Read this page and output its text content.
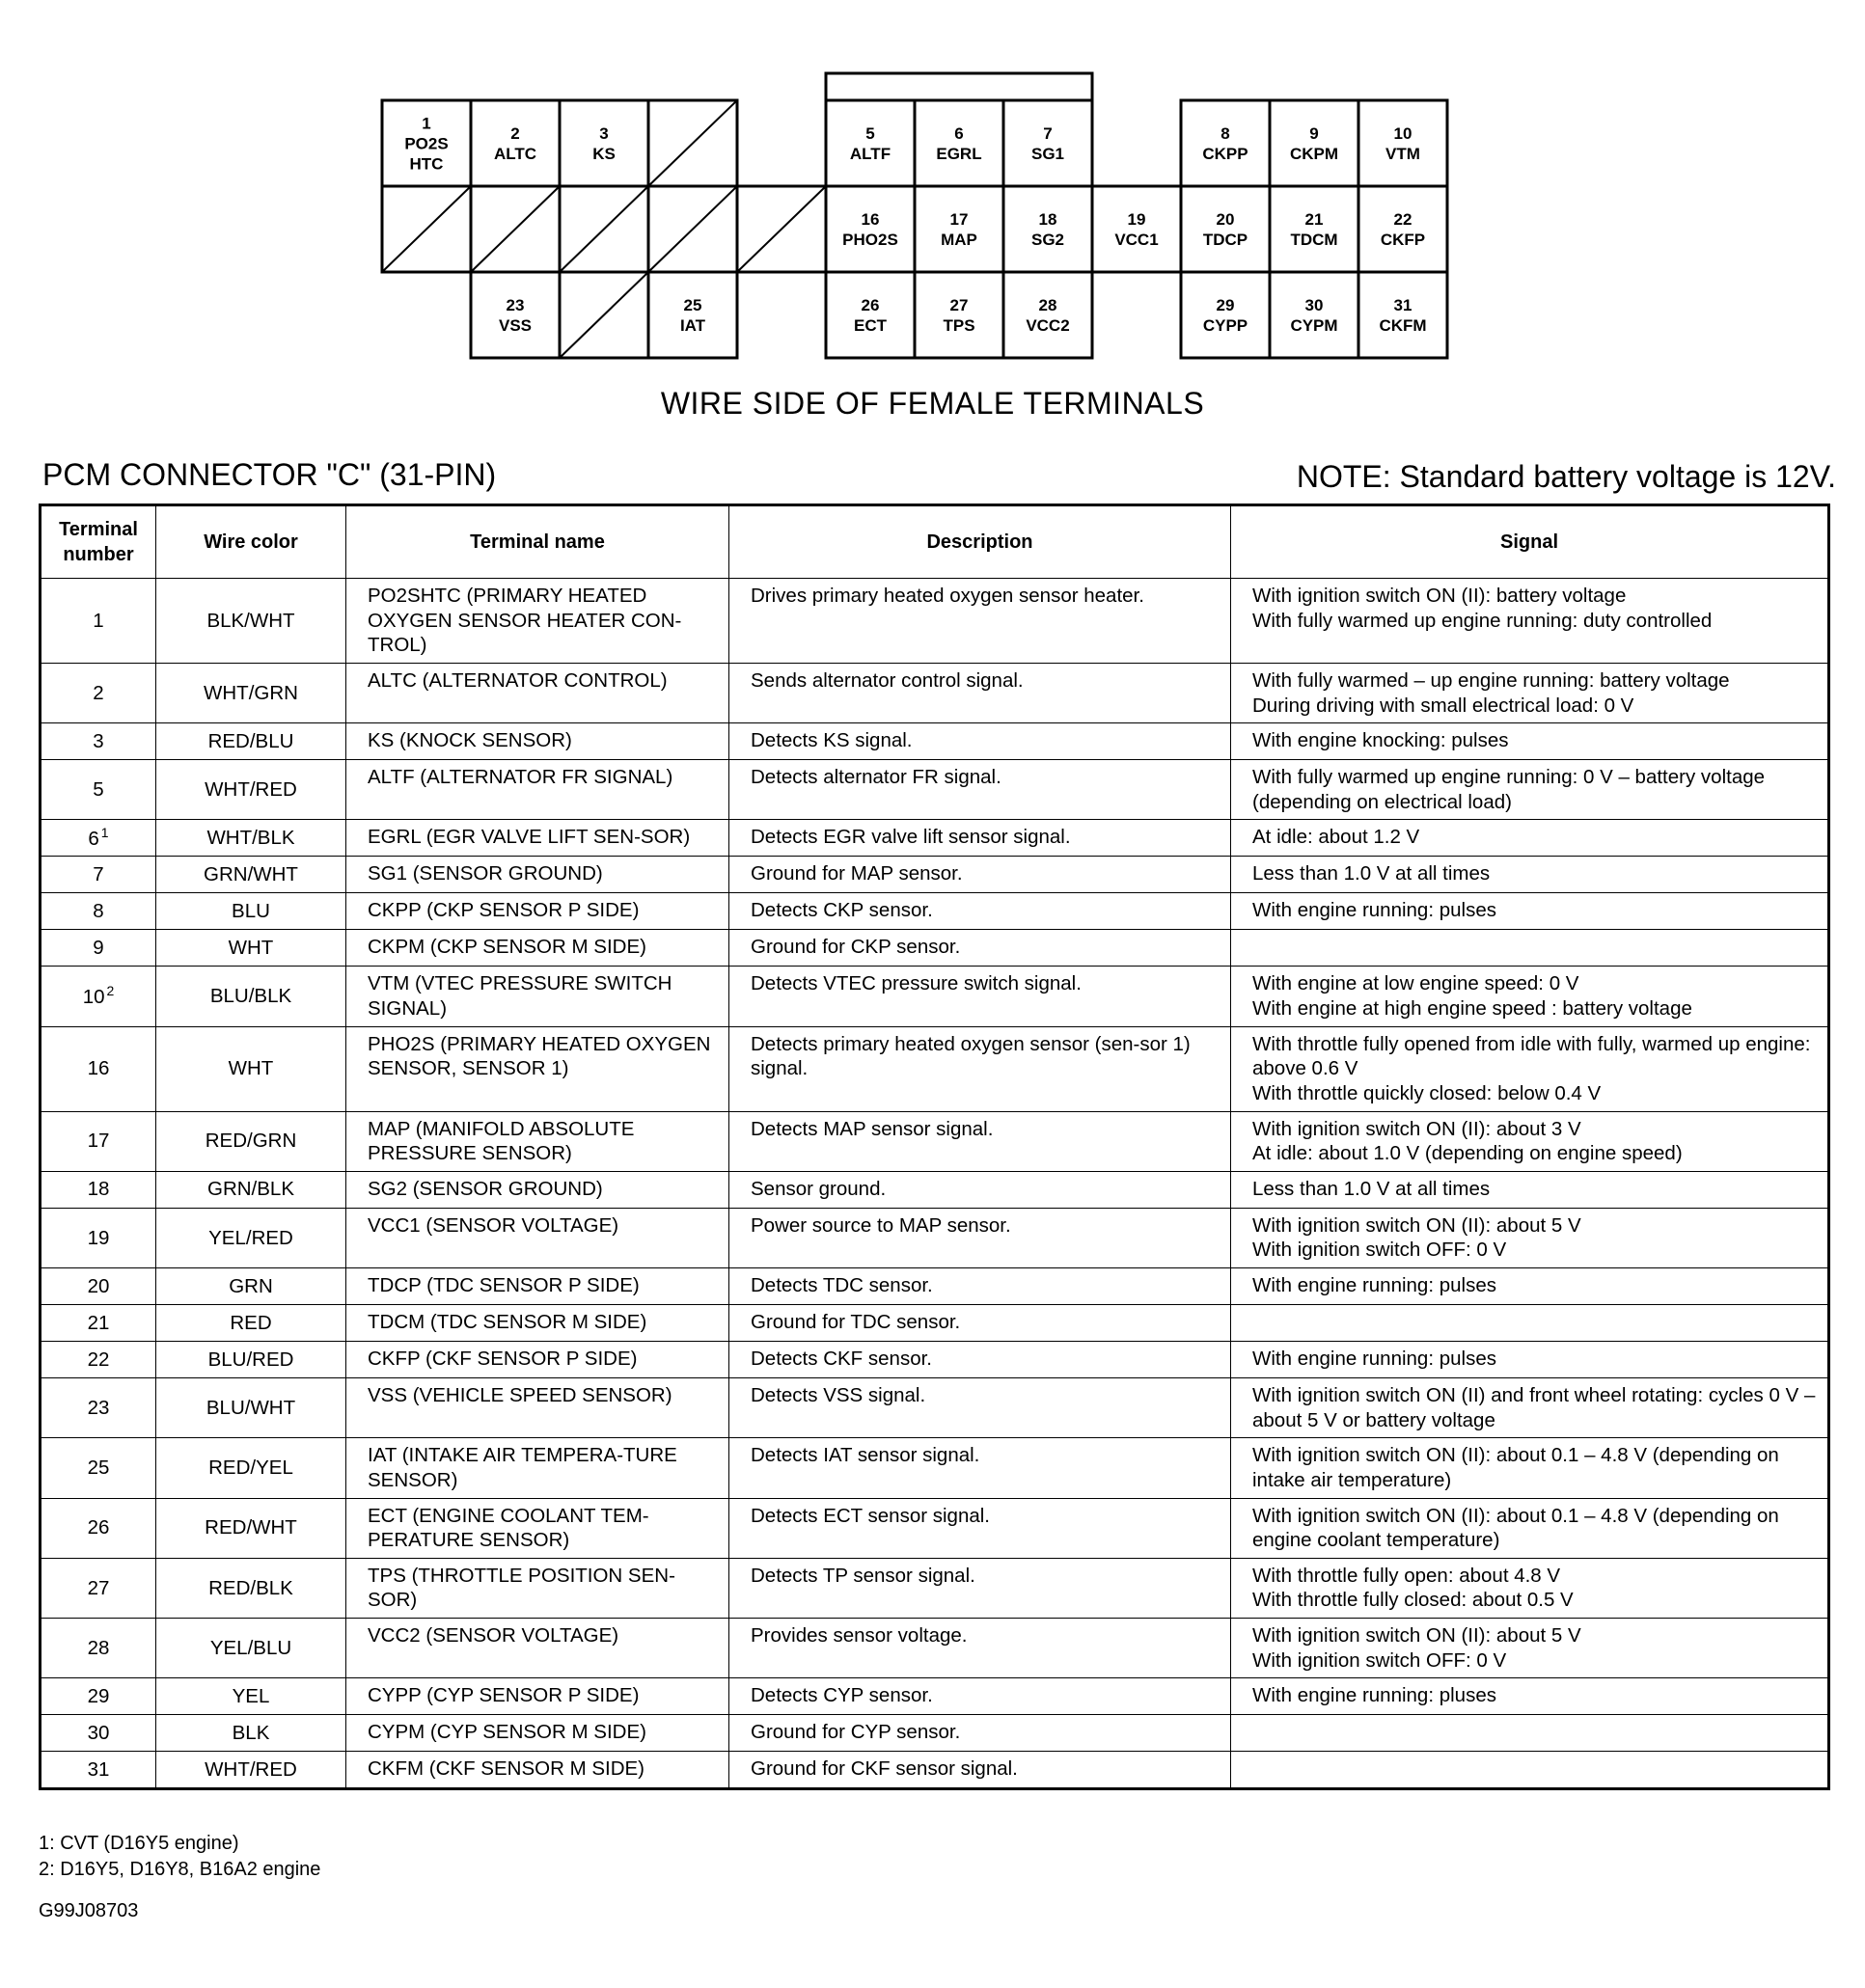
1
PO2S
HTC
2
ALTC
3
KS
5
ALTF
6
EGRL
7
SG1
8
CKPP
9
CKPM
10
VTM
16
PHO2S
17
MAP
18
SG2
19
VCC1
20
TDCP
21
TDCM
22
CKFP
23
VSS
25
IAT
26
ECT
27
TPS
28
VCC2
29
CYPP
30
CYPM
31
CKFM
WIRE SIDE OF FEMALE TERMINALS
PCM CONNECTOR "C" (31-PIN)	NOTE: Standard battery voltage is 12V.
Terminal number	Wire color	Terminal name	Description	Signal
1	BLK/WHT	PO2SHTC (PRIMARY HEATED OXYGEN SENSOR HEATER CON-TROL)	Drives primary heated oxygen sensor heater.	With ignition switch ON (II): battery voltage
With fully warmed up engine running: duty controlled

2	WHT/GRN	ALTC (ALTERNATOR CONTROL)	Sends alternator control signal.	With fully warmed – up engine running: battery voltage
During driving with small electrical load: 0 V

3	RED/BLU	KS (KNOCK SENSOR)	Detects KS signal.	With engine knocking: pulses

5	WHT/RED	ALTF (ALTERNATOR FR SIGNAL)	Detects alternator FR signal.	With fully warmed up engine running: 0 V – battery voltage (depending on electrical load)

6 $^1$	WHT/BLK	EGRL (EGR VALVE LIFT SEN-SOR)	Detects EGR valve lift sensor signal.	At idle: about 1.2 V

7	GRN/WHT	SG1 (SENSOR GROUND)	Ground for MAP sensor.	Less than 1.0 V at all times

8	BLU	CKPP (CKP SENSOR P SIDE)	Detects CKP sensor.	With engine running: pulses

9	WHT	CKPM (CKP SENSOR M SIDE)	Ground for CKP sensor.	
10 $^2$	BLU/BLK	VTM (VTEC PRESSURE SWITCH SIGNAL)	Detects VTEC pressure switch signal.	With engine at low engine speed: 0 V
With engine at high engine speed : battery voltage

16	WHT	PHO2S (PRIMARY HEATED OXYGEN SENSOR, SENSOR 1)	Detects primary heated oxygen sensor (sen-sor 1) signal.	With throttle fully opened from idle with fully, warmed up engine: above 0.6 V
With throttle quickly closed: below 0.4 V

17	RED/GRN	MAP (MANIFOLD ABSOLUTE PRESSURE SENSOR)	Detects MAP sensor signal.	With ignition switch ON (II): about 3 V
At idle: about 1.0 V (depending on engine speed)

18	GRN/BLK	SG2 (SENSOR GROUND)	Sensor ground.	Less than 1.0 V at all times

19	YEL/RED	VCC1 (SENSOR VOLTAGE)	Power source to MAP sensor.	With ignition switch ON (II): about 5 V
With ignition switch OFF: 0 V

20	GRN	TDCP (TDC SENSOR P SIDE)	Detects TDC sensor.	With engine running: pulses

21	RED	TDCM (TDC SENSOR M SIDE)	Ground for TDC sensor.	
22	BLU/RED	CKFP (CKF SENSOR P SIDE)	Detects CKF sensor.	With engine running: pulses

23	BLU/WHT	VSS (VEHICLE SPEED SENSOR)	Detects VSS signal.	With ignition switch ON (II) and front wheel rotating: cycles 0 V – about 5 V or battery voltage

25	RED/YEL	IAT (INTAKE AIR TEMPERA-TURE SENSOR)	Detects IAT sensor signal.	With ignition switch ON (II): about 0.1 – 4.8 V (depending on intake air temperature)

26	RED/WHT	ECT (ENGINE COOLANT TEM-PERATURE SENSOR)	Detects ECT sensor signal.	With ignition switch ON (II): about 0.1 – 4.8 V (depending on engine coolant temperature)

27	RED/BLK	TPS (THROTTLE POSITION SEN-SOR)	Detects TP sensor signal.	With throttle fully open: about 4.8 V
With throttle fully closed: about 0.5 V

28	YEL/BLU	VCC2 (SENSOR VOLTAGE)	Provides sensor voltage.	With ignition switch ON (II): about 5 V
With ignition switch OFF: 0 V

29	YEL	CYPP (CYP SENSOR P SIDE)	Detects CYP sensor.	With engine running: pluses

30	BLK	CYPM (CYP SENSOR M SIDE)	Ground for CYP sensor.	
31	WHT/RED	CKFM (CKF SENSOR M SIDE)	Ground for CKF sensor signal.	
1: CVT (D16Y5 engine)
2: D16Y5, D16Y8, B16A2 engine
G99J08703
